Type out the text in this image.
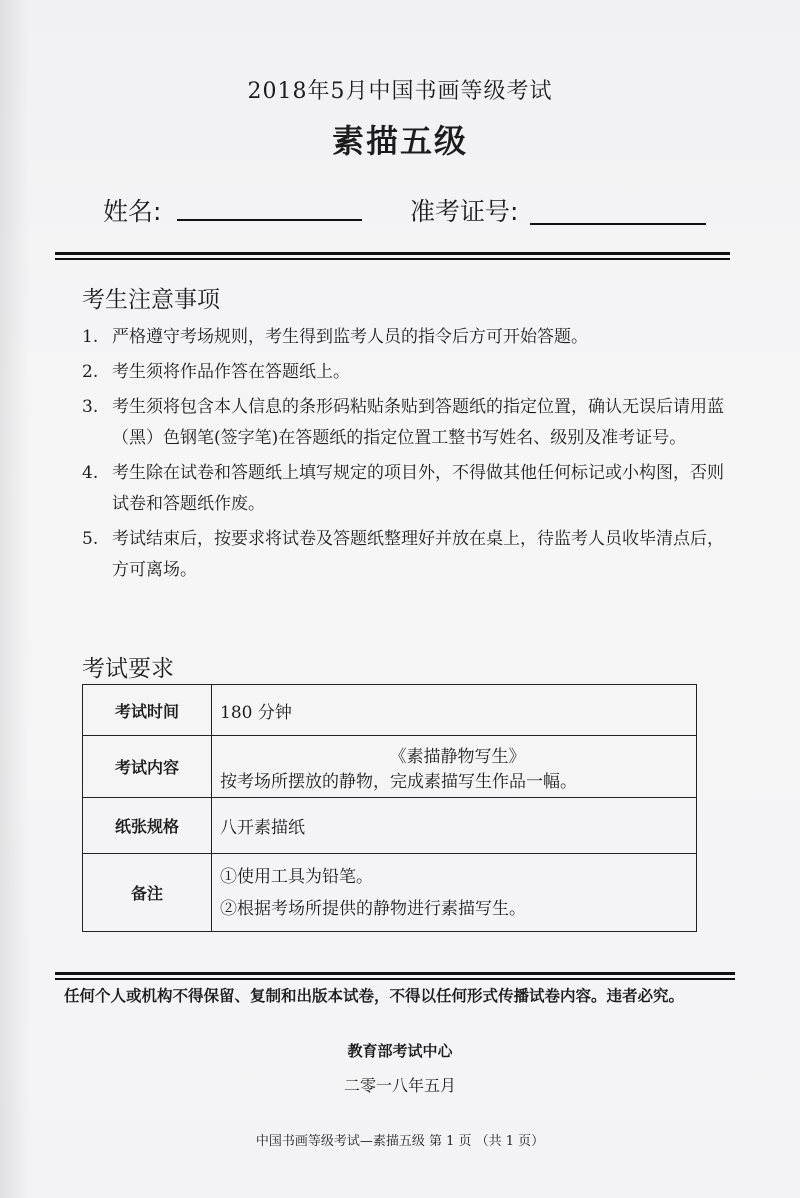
2018年5月中国书画等级考试
素描五级
姓名:	准考证号:
考生注意事项
1. 严格遵守考场规则，考生得到监考人员的指令后方可开始答题。
2. 考生须将作品作答在答题纸上。
3. 考生须将包含本人信息的条形码粘贴条贴到答题纸的指定位置，确认无误后请用蓝（黑）色钢笔(签字笔)在答题纸的指定位置工整书写姓名、级别及准考证号。
4. 考生除在试卷和答题纸上填写规定的项目外，不得做其他任何标记或小构图，否则试卷和答题纸作废。
5. 考试结束后，按要求将试卷及答题纸整理好并放在桌上，待监考人员收毕清点后，方可离场。
考试要求
考试时间	180 分钟
考试内容	《素描静物写生》
按考场所摆放的静物，完成素描写生作品一幅。

纸张规格	八开素描纸
备注	①使用工具为铅笔。
②根据考场所提供的静物进行素描写生。
任何个人或机构不得保留、复制和出版本试卷，不得以任何形式传播试卷内容。违者必究。
教育部考试中心
二零一八年五月
中国书画等级考试—素描五级 第 1 页 （共 1 页）
